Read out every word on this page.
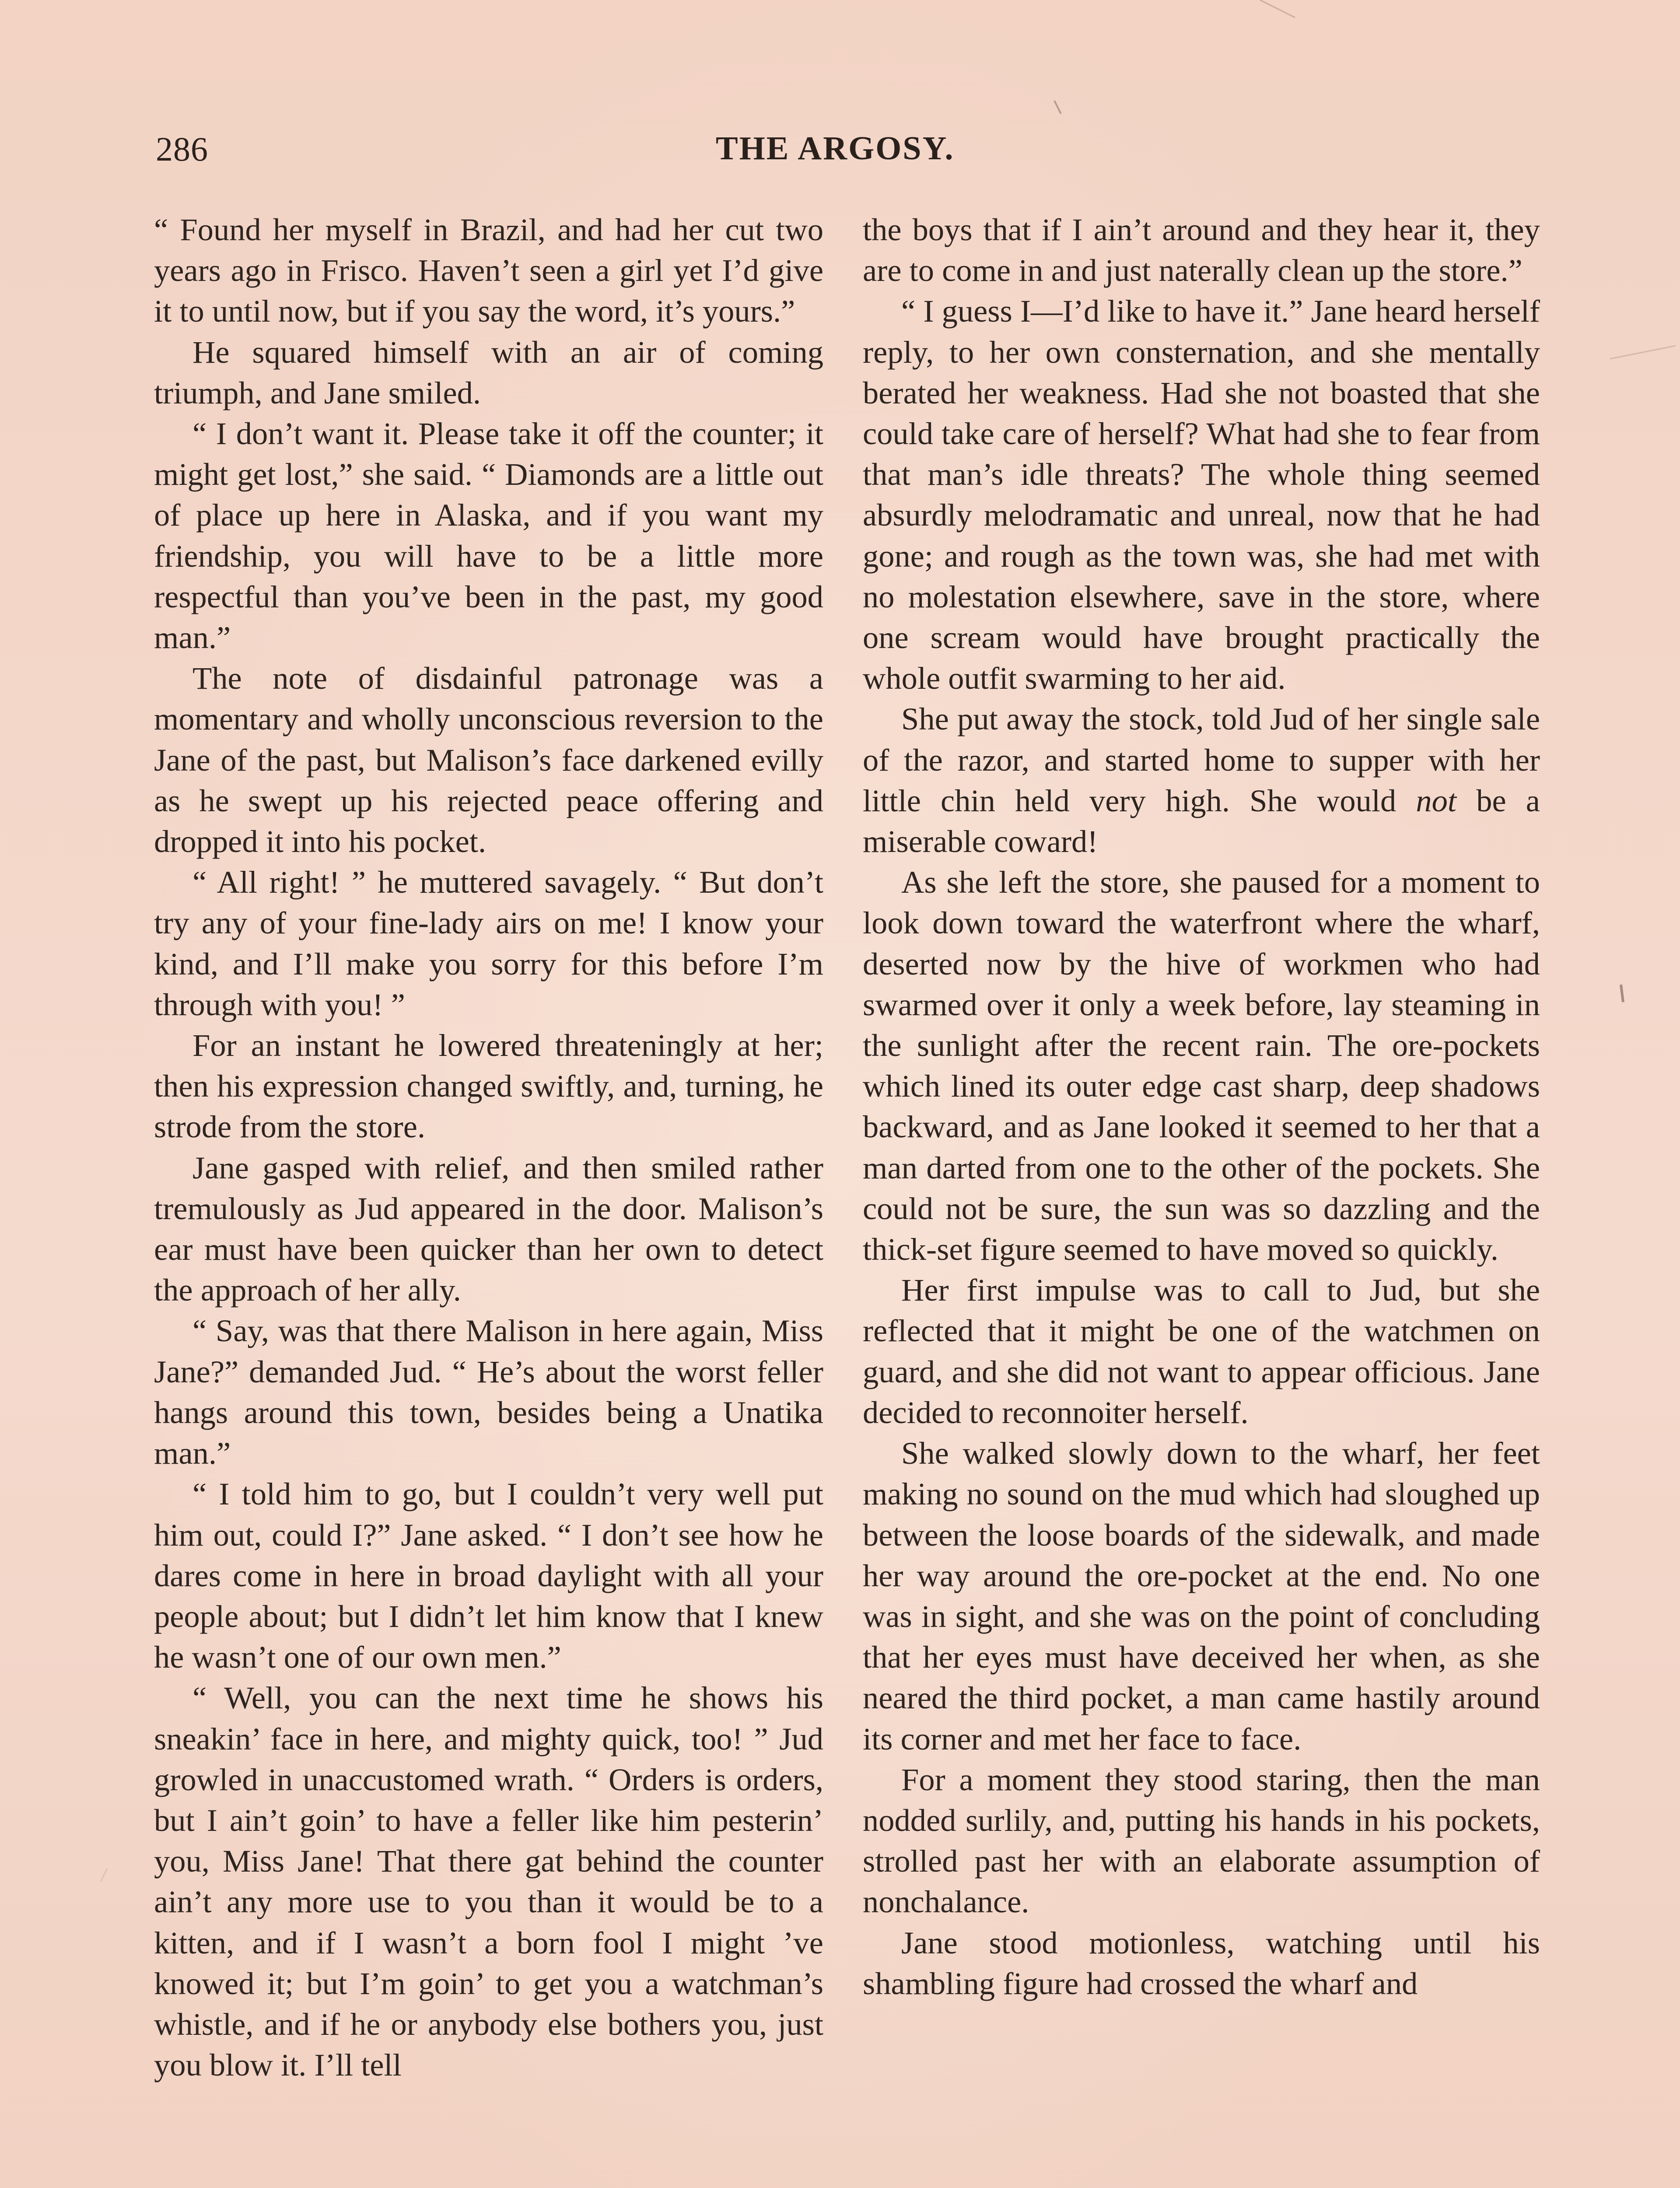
286	THE ARGOSY.

“ Found her myself in Brazil, and had her cut two years ago in Frisco. Haven’t seen a girl yet I’d give it to until now, but if you say the word, it’s yours.”

He squared himself with an air of coming triumph, and Jane smiled.

“ I don’t want it. Please take it off the counter; it might get lost,” she said. “ Diamonds are a little out of place up here in Alaska, and if you want my friendship, you will have to be a little more respectful than you’ve been in the past, my good man.”

The note of disdainful patronage was a momentary and wholly unconscious reversion to the Jane of the past, but Malison’s face darkened evilly as he swept up his rejected peace offering and dropped it into his pocket.

“ All right! ” he muttered savagely. “ But don’t try any of your fine-lady airs on me! I know your kind, and I’ll make you sorry for this before I’m through with you! ”

For an instant he lowered threateningly at her; then his expression changed swiftly, and, turning, he strode from the store.

Jane gasped with relief, and then smiled rather tremulously as Jud appeared in the door. Malison’s ear must have been quicker than her own to detect the approach of her ally.

“ Say, was that there Malison in here again, Miss Jane?” demanded Jud. “ He’s about the worst feller hangs around this town, besides being a Unatika man.”

“ I told him to go, but I couldn’t very well put him out, could I?” Jane asked. “ I don’t see how he dares come in here in broad daylight with all your people about; but I didn’t let him know that I knew he wasn’t one of our own men.”

“ Well, you can the next time he shows his sneakin’ face in here, and mighty quick, too! ” Jud growled in unaccustomed wrath. “ Orders is orders, but I ain’t goin’ to have a feller like him pesterin’ you, Miss Jane! That there gat behind the counter ain’t any more use to you than it would be to a kitten, and if I wasn’t a born fool I might ’ve knowed it; but I’m goin’ to get you a watchman’s whistle, and if he or anybody else bothers you, just you blow it. I’ll tell

the boys that if I ain’t around and they hear it, they are to come in and just naterally clean up the store.”

“ I guess I—I’d like to have it.” Jane heard herself reply, to her own consternation, and she mentally berated her weakness. Had she not boasted that she could take care of herself? What had she to fear from that man’s idle threats? The whole thing seemed absurdly melodramatic and unreal, now that he had gone; and rough as the town was, she had met with no molestation elsewhere, save in the store, where one scream would have brought practically the whole outfit swarming to her aid.

She put away the stock, told Jud of her single sale of the razor, and started home to supper with her little chin held very high. She would not be a miserable coward!

As she left the store, she paused for a moment to look down toward the waterfront where the wharf, deserted now by the hive of workmen who had swarmed over it only a week before, lay steaming in the sunlight after the recent rain. The ore-pockets which lined its outer edge cast sharp, deep shadows backward, and as Jane looked it seemed to her that a man darted from one to the other of the pockets. She could not be sure, the sun was so dazzling and the thick-set figure seemed to have moved so quickly.

Her first impulse was to call to Jud, but she reflected that it might be one of the watchmen on guard, and she did not want to appear officious. Jane decided to reconnoiter herself.

She walked slowly down to the wharf, her feet making no sound on the mud which had sloughed up between the loose boards of the sidewalk, and made her way around the ore-pocket at the end. No one was in sight, and she was on the point of concluding that her eyes must have deceived her when, as she neared the third pocket, a man came hastily around its corner and met her face to face.

For a moment they stood staring, then the man nodded surlily, and, putting his hands in his pockets, strolled past her with an elaborate assumption of nonchalance.

Jane stood motionless, watching until his shambling figure had crossed the wharf and
